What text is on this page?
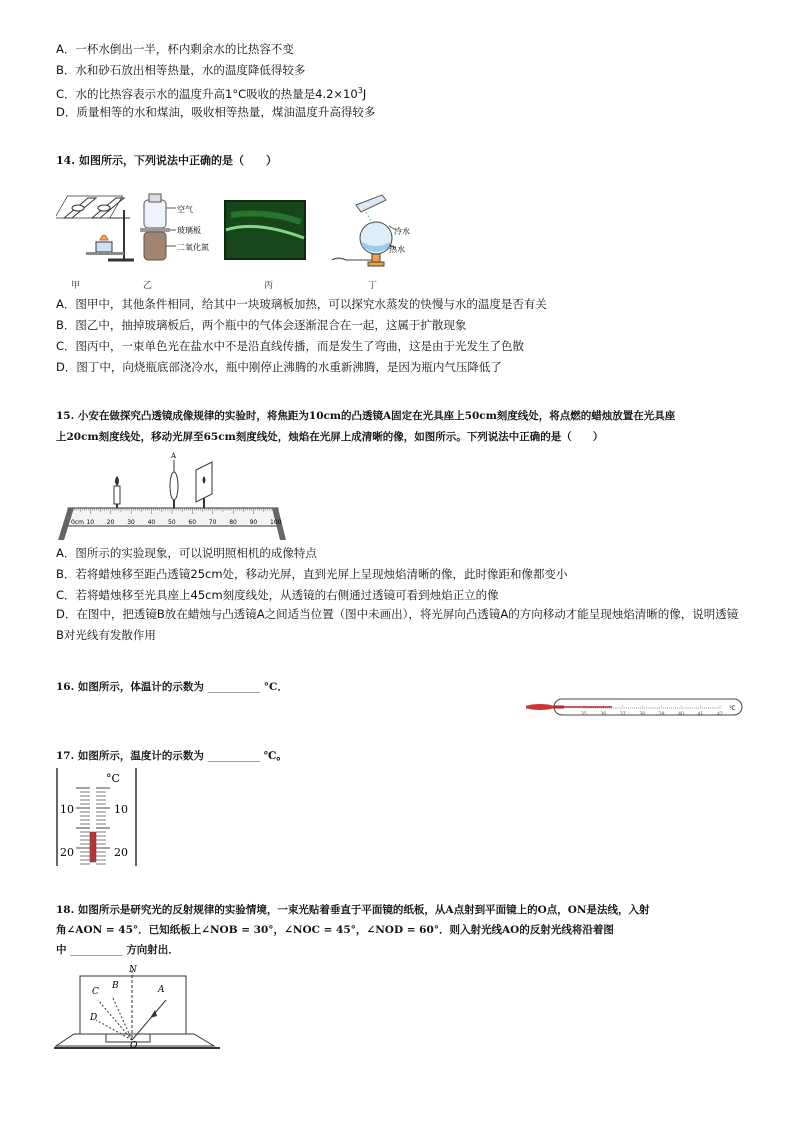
A．一杯水倒出一半，杯内剩余水的比热容不变
B．水和砂石放出相等热量，水的温度降低得较多
C．水的比热容表示水的温度升高1°C吸收的热量是$4.2\times 10^3J$
D．质量相等的水和煤油，吸收相等热量，煤油温度升高得较多
14. 如图所示，下列说法中正确的是（　　）
空气
玻璃板
二氧化氮
冷水
热水
甲	乙	丙	丁
A．图甲中，其他条件相同，给其中一块玻璃板加热，可以探究水蒸发的快慢与水的温度是否有关
B．图乙中，抽掉玻璃板后，两个瓶中的气体会逐渐混合在一起，这属于扩散现象
C．图丙中，一束单色光在盐水中不是沿直线传播，而是发生了弯曲，这是由于光发生了色散
D．图丁中，向烧瓶底部浇冷水，瓶中刚停止沸腾的水重新沸腾，是因为瓶内气压降低了
15. 小安在做探究凸透镜成像规律的实验时，将焦距为10cm的凸透镜A固定在光具座上50cm刻度线处，将点燃的蜡烛放置在光具座
上20cm刻度线处，移动光屏至65cm刻度线处，烛焰在光屏上成清晰的像，如图所示。下列说法中正确的是（　　）
0cm 10 20 30 40 50 60 70 80 90 100
A
A．图所示的实验现象，可以说明照相机的成像特点
B．若将蜡烛移至距凸透镜25cm处，移动光屏，直到光屏上呈现烛焰清晰的像，此时像距和像都变小
C．若将蜡烛移至光具座上45cm刻度线处，从透镜的右侧通过透镜可看到烛焰正立的像
D．在图中，把透镜B放在蜡烛与凸透镜A之间适当位置（图中未画出），将光屏向凸透镜A的方向移动才能呈现烛焰清晰的像，说明透镜B对光线有发散作用
16. 如图所示，体温计的示数为 __________ °C．
35	36	37	38	39	40	41	42
℃
17. 如图所示，温度计的示数为 __________ ℃。
°C
10
20
10
20
18. 如图所示是研究光的反射规律的实验情境，一束光贴着垂直于平面镜的纸板，从A点射到平面镜上的O点，ON是法线，入射
角∠AON = 45°．已知纸板上∠NOB = 30°，∠NOC = 45°，∠NOD = 60°．则入射光线AO的反射光线将沿着图
中 __________ 方向射出．
N
C
B	A
D
O
